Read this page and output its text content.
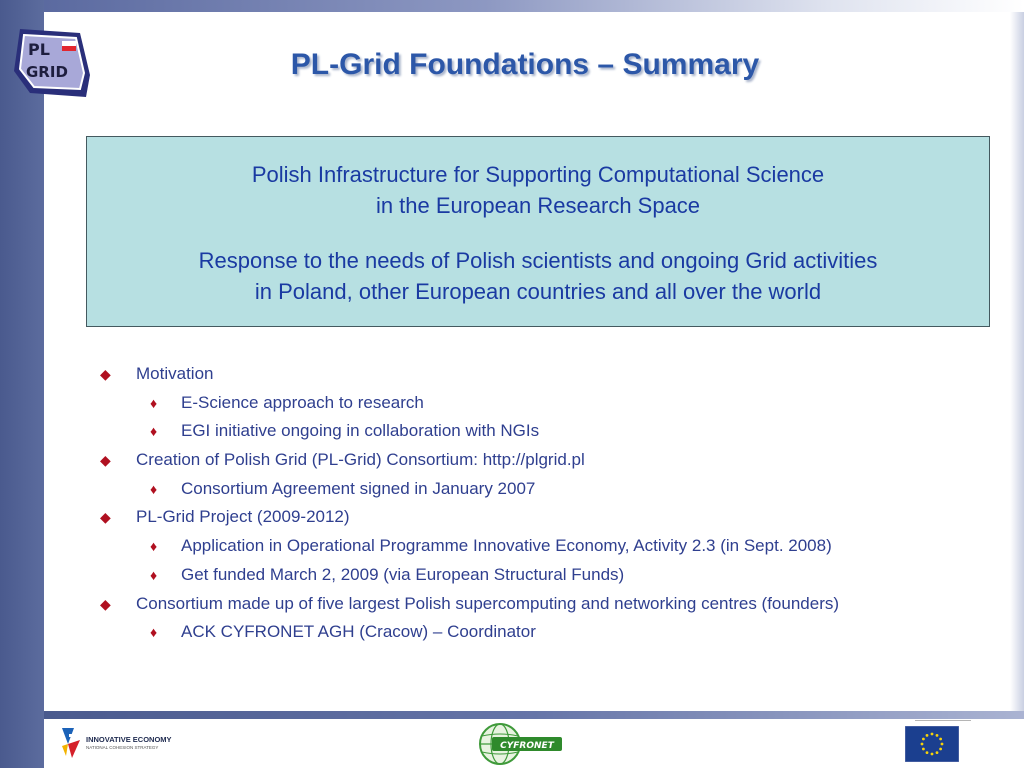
PL
GRID	PL-Grid Foundations – Summary

Polish Infrastructure for Supporting Computational Science
in the European Research Space

Response to the needs of Polish scientists and ongoing Grid activities
in Poland, other European countries and all over the world

◆ Motivation
♦ E-Science approach to research
♦ EGI initiative ongoing in collaboration with NGIs
◆ Creation of Polish Grid (PL-Grid) Consortium: http://plgrid.pl
♦ Consortium Agreement signed in January 2007
◆ PL-Grid Project (2009-2012)
♦ Application in Operational Programme Innovative Economy, Activity 2.3 (in Sept. 2008)
♦ Get funded March 2, 2009 (via European Structural Funds)
◆ Consortium made up of five largest Polish supercomputing and networking centres (founders)
♦ ACK CYFRONET AGH (Cracow) – Coordinator
INNOVATIVE ECONOMY
NATIONAL COHESION STRATEGY	CYFRONET
